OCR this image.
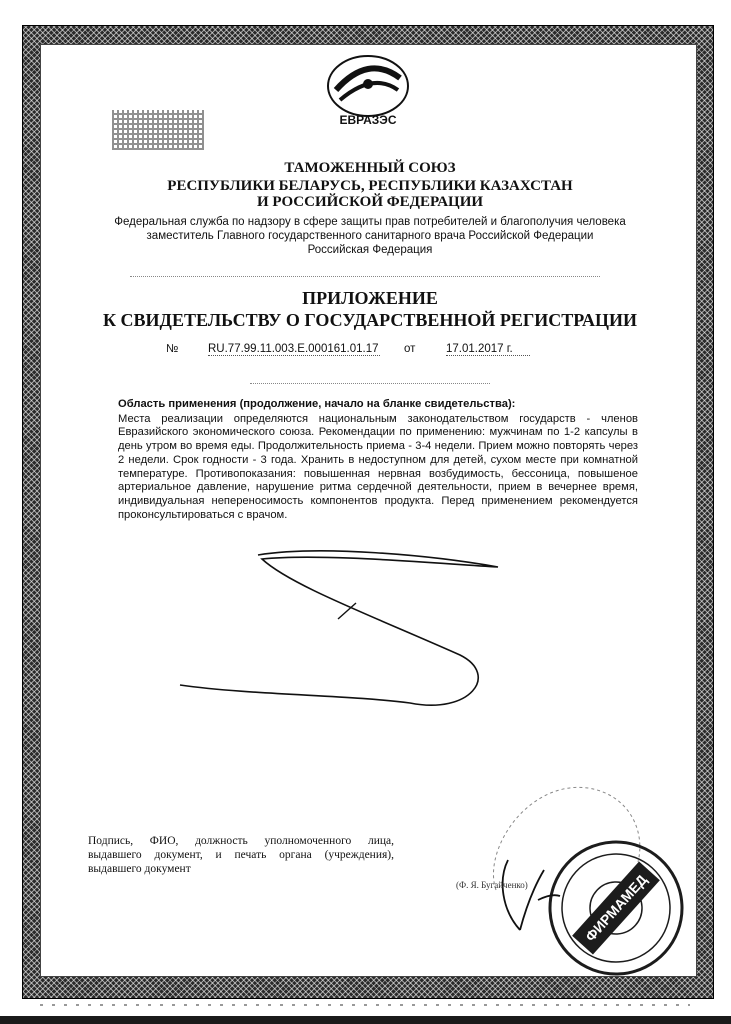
ЕВРАЗЭС
ТАМОЖЕННЫЙ СОЮЗ
РЕСПУБЛИКИ БЕЛАРУСЬ, РЕСПУБЛИКИ КАЗАХСТАН
И РОССИЙСКОЙ ФЕДЕРАЦИИ
Федеральная служба по надзору в сфере защиты прав потребителей и благополучия человека
заместитель Главного государственного санитарного врача Российской Федерации
Российская Федерация
ПРИЛОЖЕНИЕ
К СВИДЕТЕЛЬСТВУ О ГОСУДАРСТВЕННОЙ РЕГИСТРАЦИИ
№	RU.77.99.11.003.E.000161.01.17 от	17.01.2017 г.
Область применения (продолжение, начало на бланке свидетельства):
Места реализации определяются национальным законодательством государств - членов Евразийского экономического союза. Рекомендации по применению: мужчинам по 1-2 капсулы в день утром во время еды. Продолжительность приема - 3-4 недели. Прием можно повторять через 2 недели. Срок годности - 3 года. Хранить в недоступном для детей, сухом месте при комнатной температуре. Противопоказания: повышенная нервная возбудимость, бессоница, повышеное артериальное давление, нарушение ритма сердечной деятельности, прием в вечернее время, индивидуальная непереносимость компонентов продукта. Перед применением рекомендуется проконсультироваться с врачом.
Подпись, ФИО, должность уполномоченного лица, выдавшего документ, и печать органа (учреждения), выдавшего документ
ФИРМАМЕД
(Ф. Я. Бугайченко)
